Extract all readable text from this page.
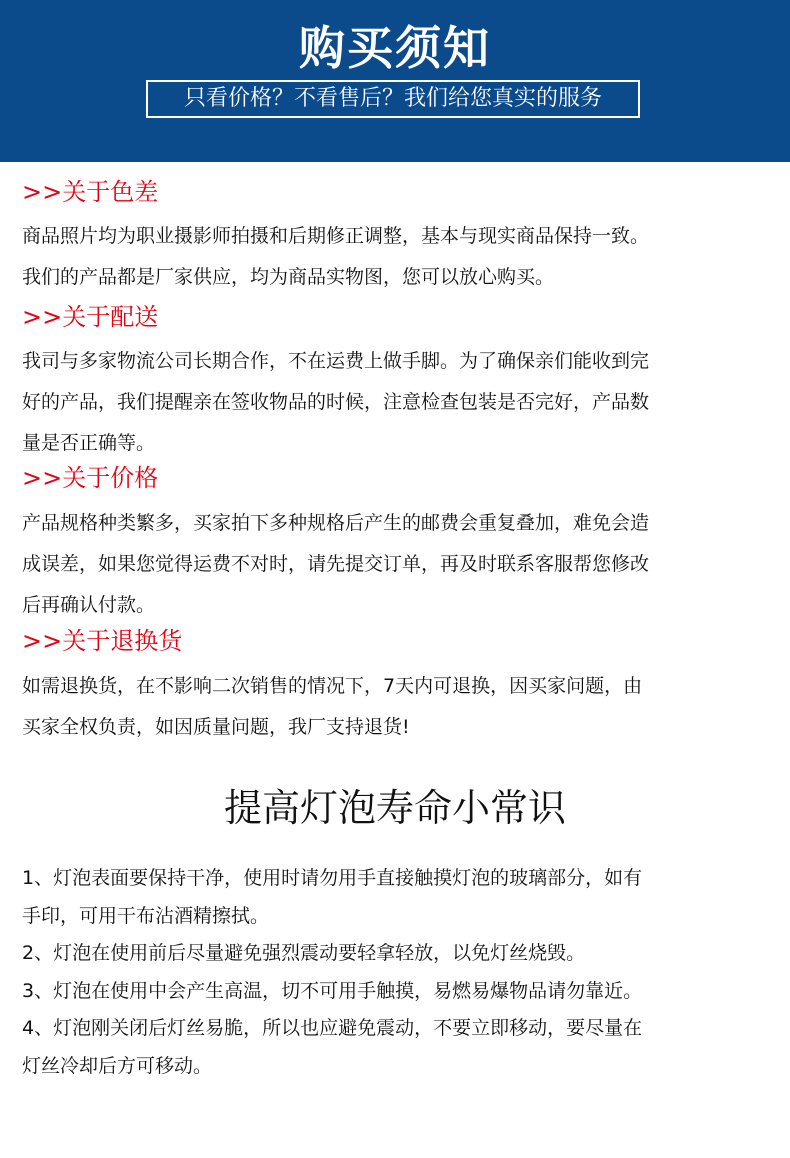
购买须知
只看价格？不看售后？我们给您真实的服务
>>关于色差

商品照片均为职业摄影师拍摄和后期修正调整，基本与现实商品保持一致。

我们的产品都是厂家供应，均为商品实物图，您可以放心购买。

>>关于配送

我司与多家物流公司长期合作，不在运费上做手脚。为了确保亲们能收到完

好的产品，我们提醒亲在签收物品的时候，注意检查包装是否完好，产品数

量是否正确等。

>>关于价格

产品规格种类繁多，买家拍下多种规格后产生的邮费会重复叠加，难免会造

成误差，如果您觉得运费不对时，请先提交订单，再及时联系客服帮您修改

后再确认付款。

>>关于退换货

如需退换货，在不影响二次销售的情况下，7天内可退换，因买家问题，由

买家全权负责，如因质量问题，我厂支持退货!

提高灯泡寿命小常识

1、灯泡表面要保持干净，使用时请勿用手直接触摸灯泡的玻璃部分，如有

手印，可用干布沾酒精擦拭。

2、灯泡在使用前后尽量避免强烈震动要轻拿轻放，以免灯丝烧毁。

3、灯泡在使用中会产生高温，切不可用手触摸，易燃易爆物品请勿靠近。

4、灯泡刚关闭后灯丝易脆，所以也应避免震动，不要立即移动，要尽量在

灯丝冷却后方可移动。
